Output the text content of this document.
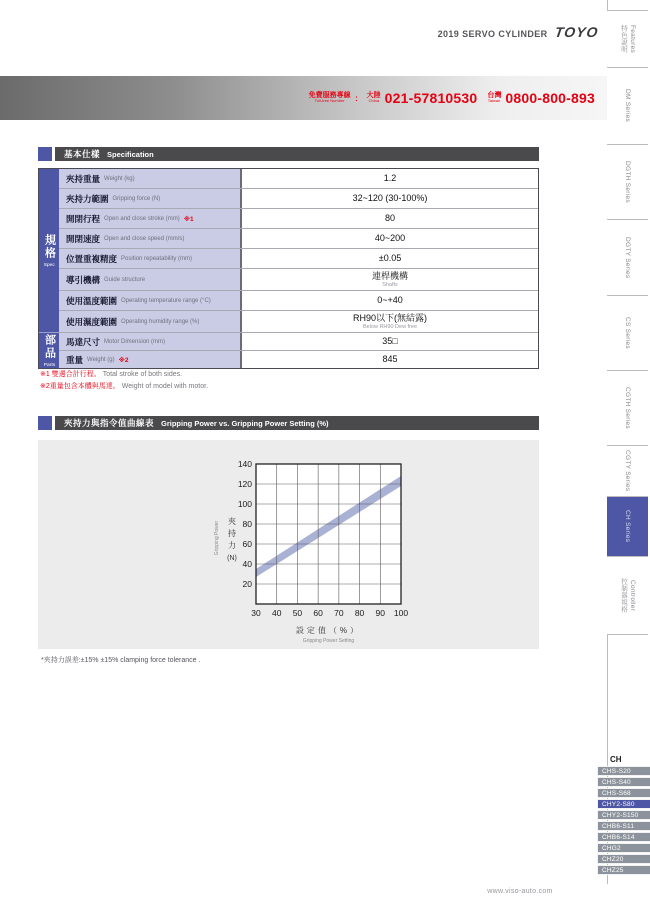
2019 SERVO CYLINDER TOYO
免費服務專線
Toll-free Number ： 大陸
China 021-57810530 台灣
Taiwan 0800-800-893
基本仕樣 Specification
規格
Spec
部品
Parts
夾持重量 Weight (kg)	1.2
夾持力範圍 Gripping force (N)	32~120 (30-100%)
開閉行程 Open and close stroke (mm) ※1	80
開閉速度 Open and close speed (mm/s)	40~200
位置重複精度 Position repeatability (mm)	±0.05
導引機構 Guide structure	連桿機構
Shafts
使用溫度範圍 Operating temperature range (°C)	0~+40
使用濕度範圍 Operating humidity range (%)	RH90以下(無結露)
Below RH90 Dew free
馬達尺寸 Motor Dimension (mm)	35□
重量 Weight (g) ※2	845
※1 雙邊合計行程。 Total stroke of both sides.
※2重量包含本體與馬達。 Weight of model with motor.
夾持力與指令值曲線表 Gripping Power vs. Gripping Power Setting (%)
30 40 50 60 70 80 90 100
20
40
60
80
100
120
140
夾
持
力
(N)
Gripping Power
設定值（%）
Gripping Power Setting
*夾持力誤差:±15% ±15% clamping force tolerance .
特色說明 Features
DM Series
DGTH Series
DGTY Series
CS Series
CGTH Series
CGTY Series
CH Series
控制器規格 Controller
CH
CHS-S20
CHS-S40
CHS-S68
CHY2-S80
CHY2-S150
CHB6-S11
CHB6-S14
CHG2
CHZ20
CHZ25
www.viso-auto.com
